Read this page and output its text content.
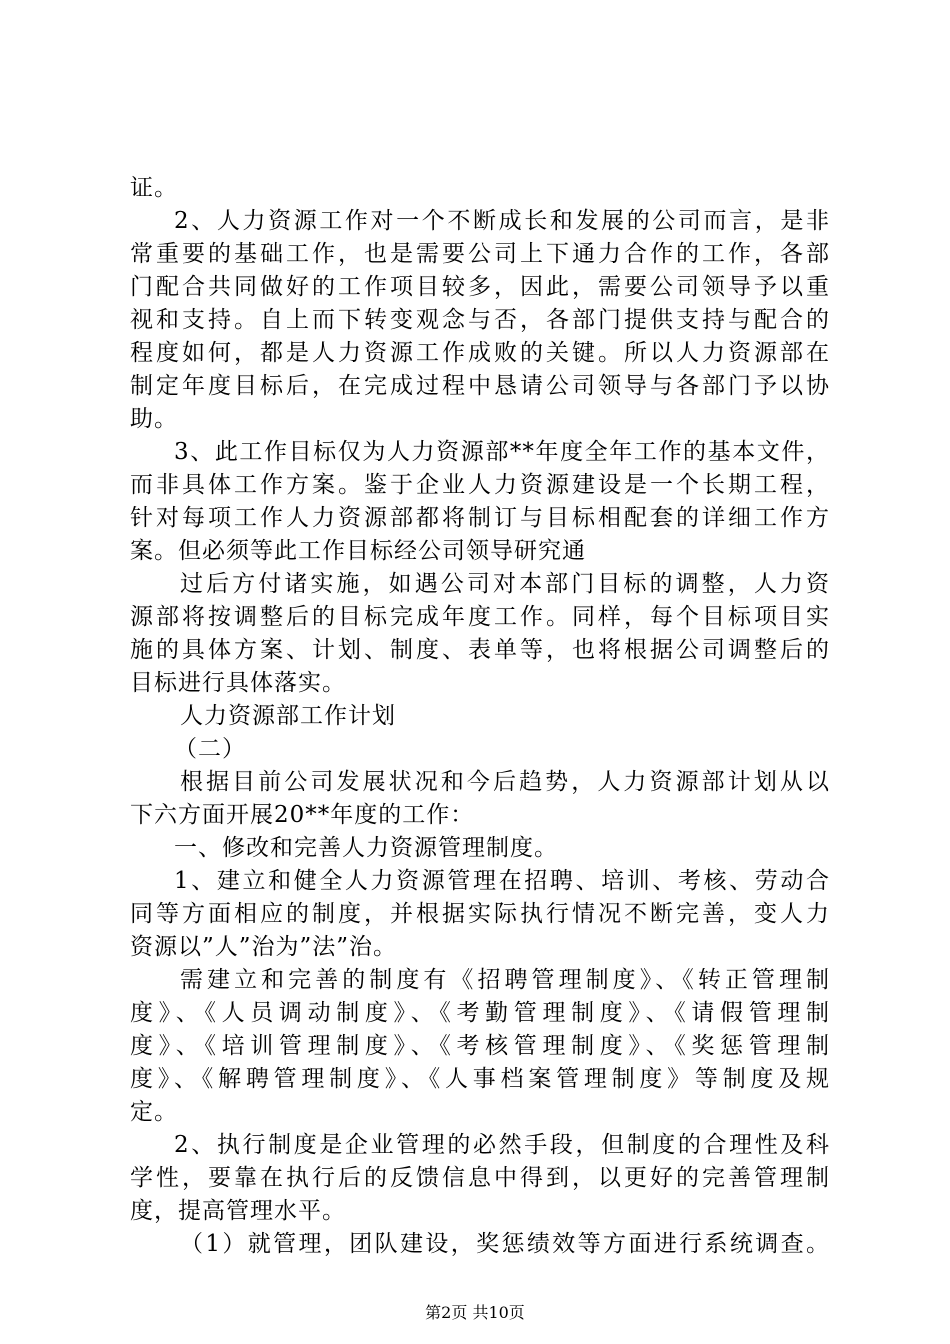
证。
2、人力资源工作对一个不断成长和发展的公司而言，是非
常重要的基础工作，也是需要公司上下通力合作的工作，各部
门配合共同做好的工作项目较多，因此，需要公司领导予以重
视和支持。自上而下转变观念与否，各部门提供支持与配合的
程度如何，都是人力资源工作成败的关键。所以人力资源部在
制定年度目标后，在完成过程中恳请公司领导与各部门予以协
助。
3、此工作目标仅为人力资源部**年度全年工作的基本文件，
而非具体工作方案。鉴于企业人力资源建设是一个长期工程，
针对每项工作人力资源部都将制订与目标相配套的详细工作方
案。但必须等此工作目标经公司领导研究通
过后方付诸实施，如遇公司对本部门目标的调整，人力资
源部将按调整后的目标完成年度工作。同样，每个目标项目实
施的具体方案、计划、制度、表单等，也将根据公司调整后的
目标进行具体落实。
人力资源部工作计划
（二）
根据目前公司发展状况和今后趋势，人力资源部计划从以
下六方面开展20**年度的工作：
一、修改和完善人力资源管理制度。
1、建立和健全人力资源管理在招聘、培训、考核、劳动合
同等方面相应的制度，并根据实际执行情况不断完善，变人力
资源以”人”治为”法”治。
需建立和完善的制度有《招聘管理制度》、《转正管理制
度》、《人员调动制度》、《考勤管理制度》、《请假管理制
度》、《培训管理制度》、《考核管理制度》、《奖惩管理制
度》、《解聘管理制度》、《人事档案管理制度》等制度及规
定。
2、执行制度是企业管理的必然手段，但制度的合理性及科
学性，要靠在执行后的反馈信息中得到，以更好的完善管理制
度，提高管理水平。
（1）就管理，团队建设，奖惩绩效等方面进行系统调查。
第2页 共10页
